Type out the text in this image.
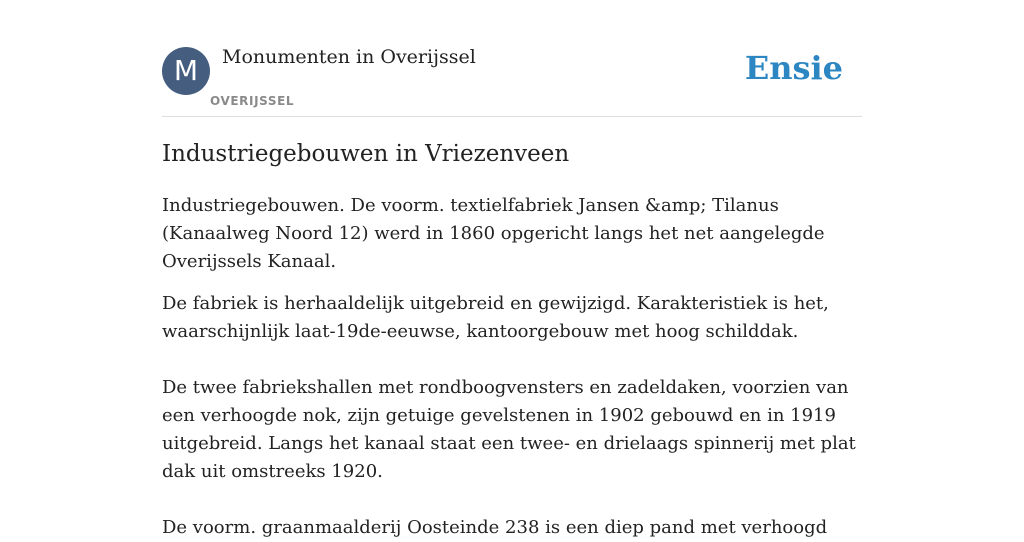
M	Monumenten in Overijssel
OVERIJSSEL
Ensie
Industriegebouwen in Vriezenveen

Industriegebouwen. De voorm. textielfabriek Jansen &amp; Tilanus (Kanaalweg Noord 12) werd in 1860 opgericht langs het net aangelegde Overijssels Kanaal.

De fabriek is herhaaldelijk uitgebreid en gewijzigd. Karakteristiek is het, waarschijnlijk laat-19de-eeuwse, kantoorgebouw met hoog schilddak.

De twee fabriekshallen met rondboogvensters en zadeldaken, voorzien van een verhoogde nok, zijn getuige gevelstenen in 1902 gebouwd en in 1919 uitgebreid. Langs het kanaal staat een twee- en drielaags spinnerij met plat dak uit omstreeks 1920.

De voorm. graanmaalderij Oosteinde 238 is een diep pand met verhoogd
